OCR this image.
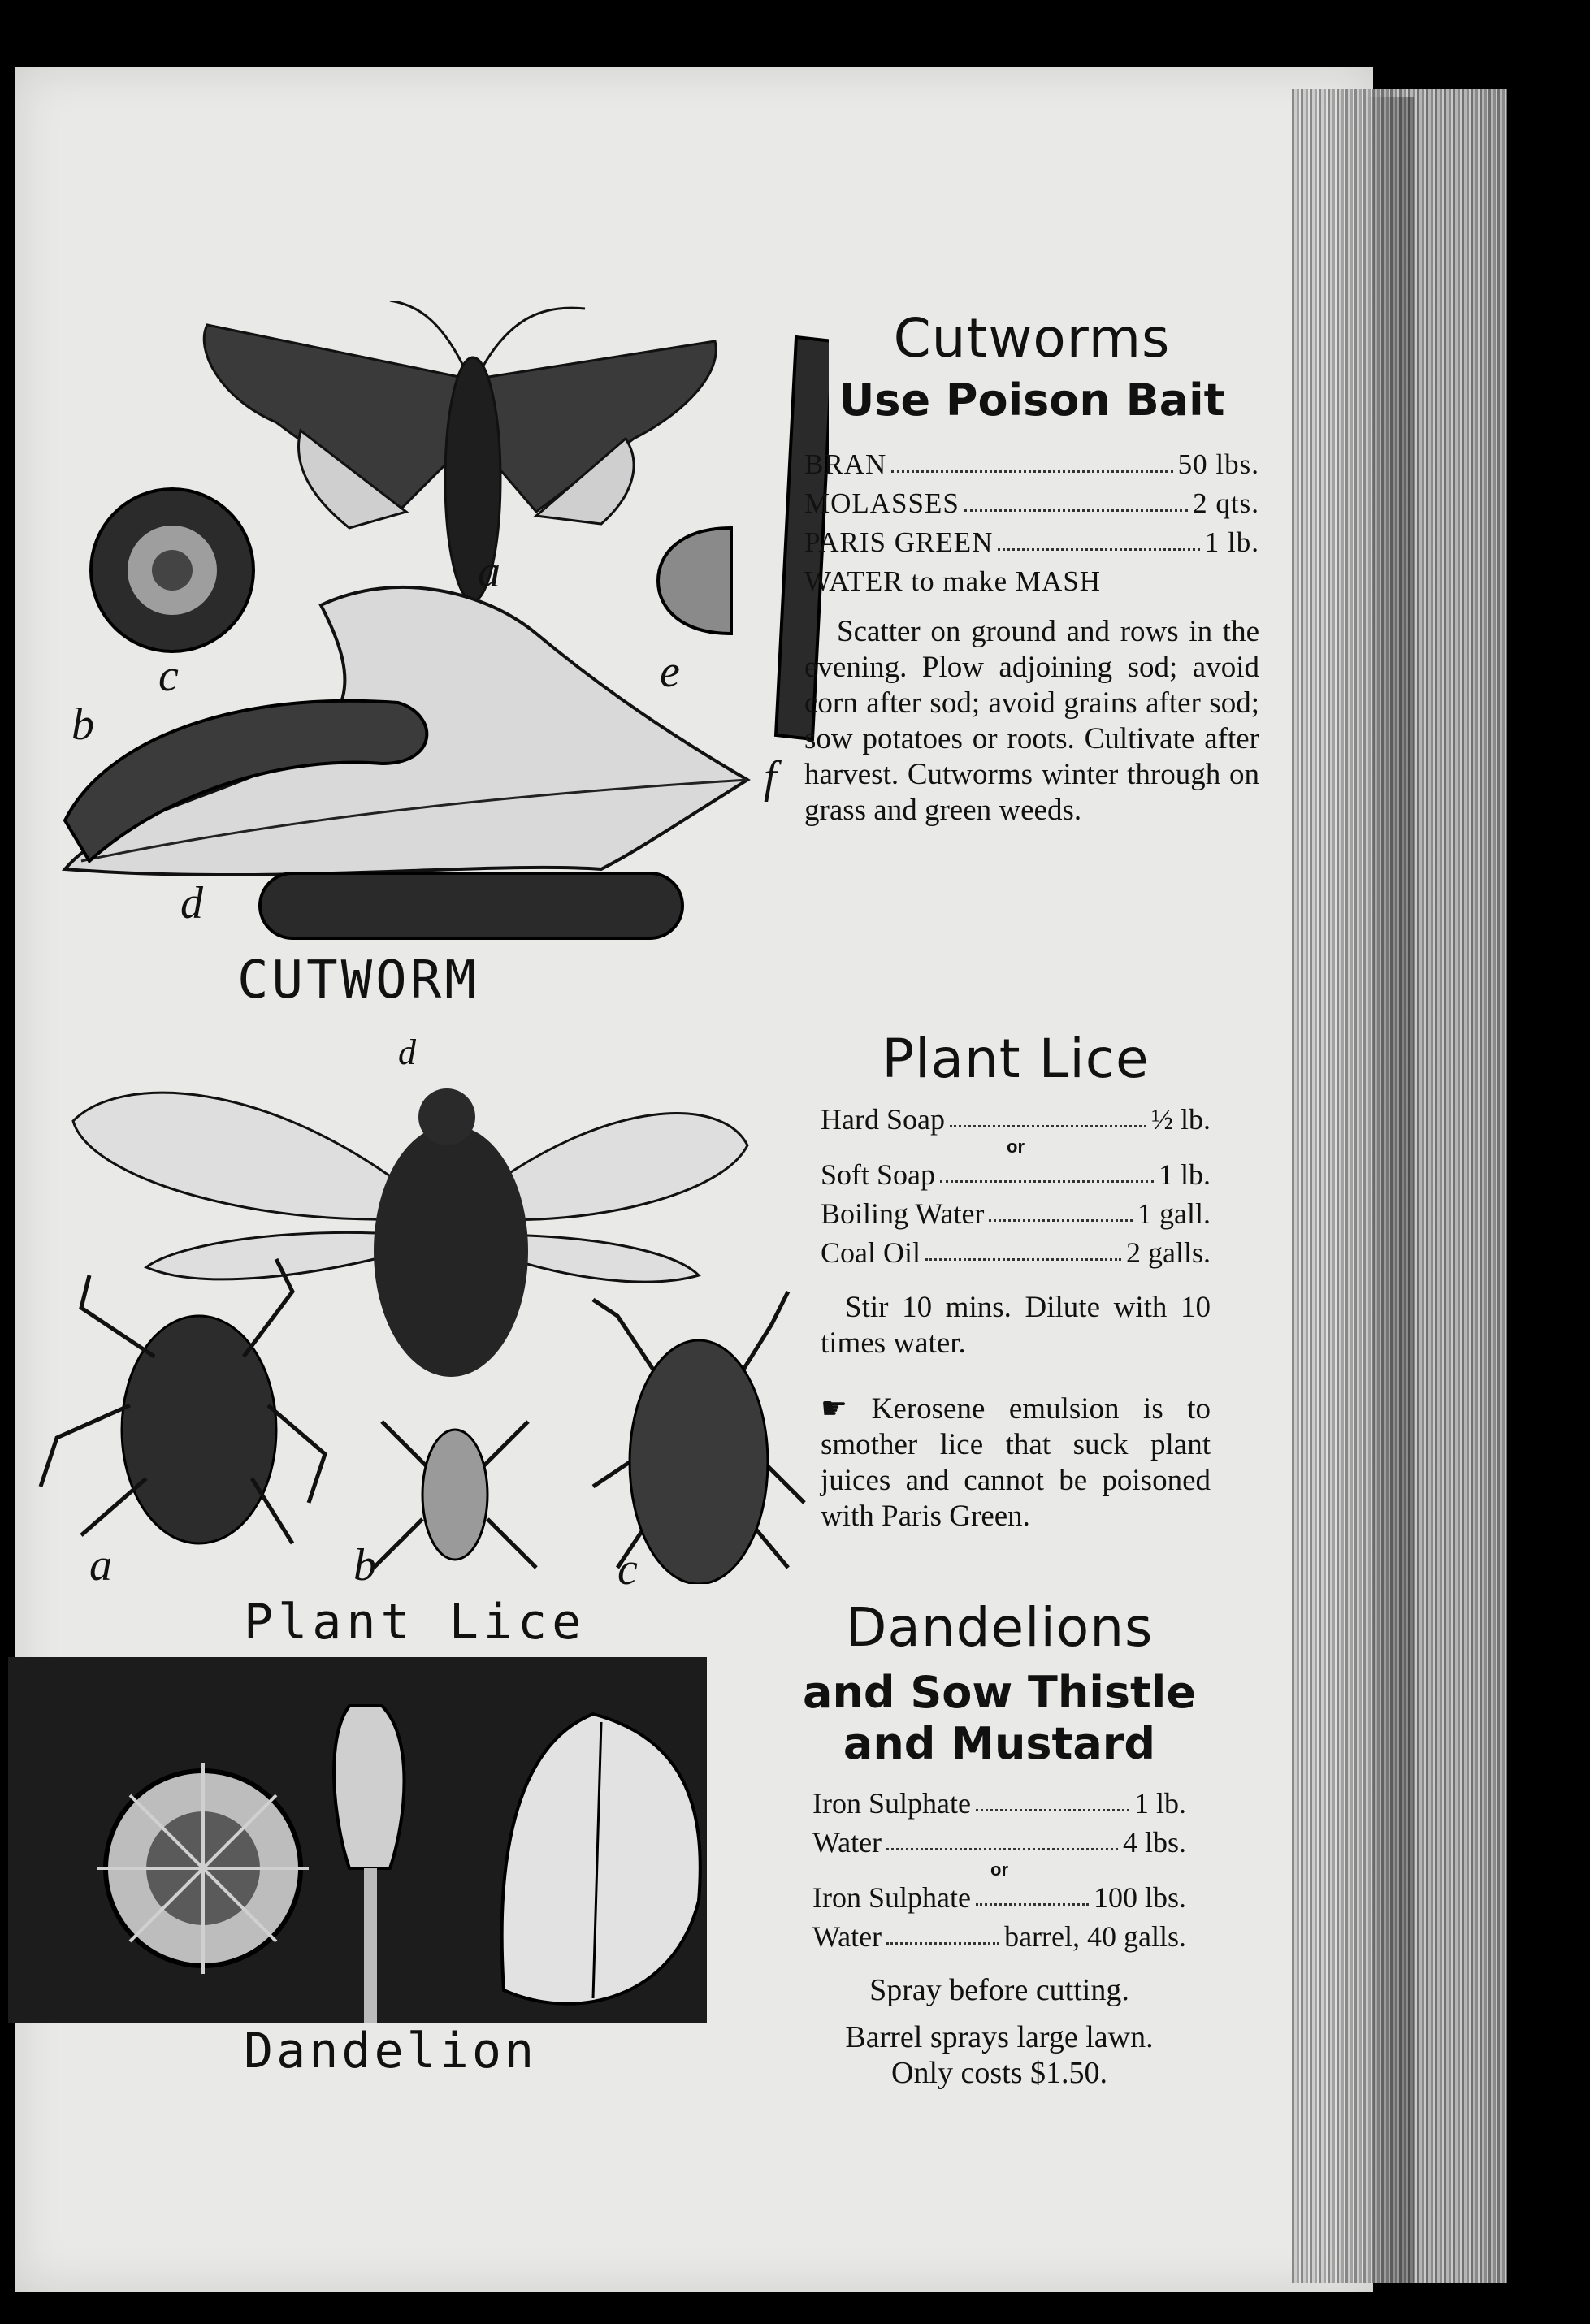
a
b
c
d
e
f
CUTWORM
a	b	c
d
Plant Lice
Dandelion
Cutworms
Use Poison Bait
BRAN	50 lbs.
MOLASSES	2 qts.
PARIS GREEN	1 lb.
WATER to make MASH

Scatter on ground and rows in the evening. Plow adjoining sod; avoid corn after sod; avoid grains after sod; sow potatoes or roots. Cultivate after harvest. Cutworms winter through on grass and green weeds.

Plant Lice
Hard Soap	½ lb.
or
Soft Soap	1 lb.
Boiling Water	1 gall.
Coal Oil	2 galls.

Stir 10 mins. Dilute with 10 times water.

☛ Kerosene emulsion is to smother lice that suck plant juices and cannot be poisoned with Paris Green.

Dandelions
and Sow Thistle
and Mustard
Iron Sulphate	1 lb.
Water	4 lbs.
or
Iron Sulphate	100 lbs.
Water	barrel, 40 galls.

Spray before cutting.

Barrel sprays large lawn.

Only costs $1.50.
